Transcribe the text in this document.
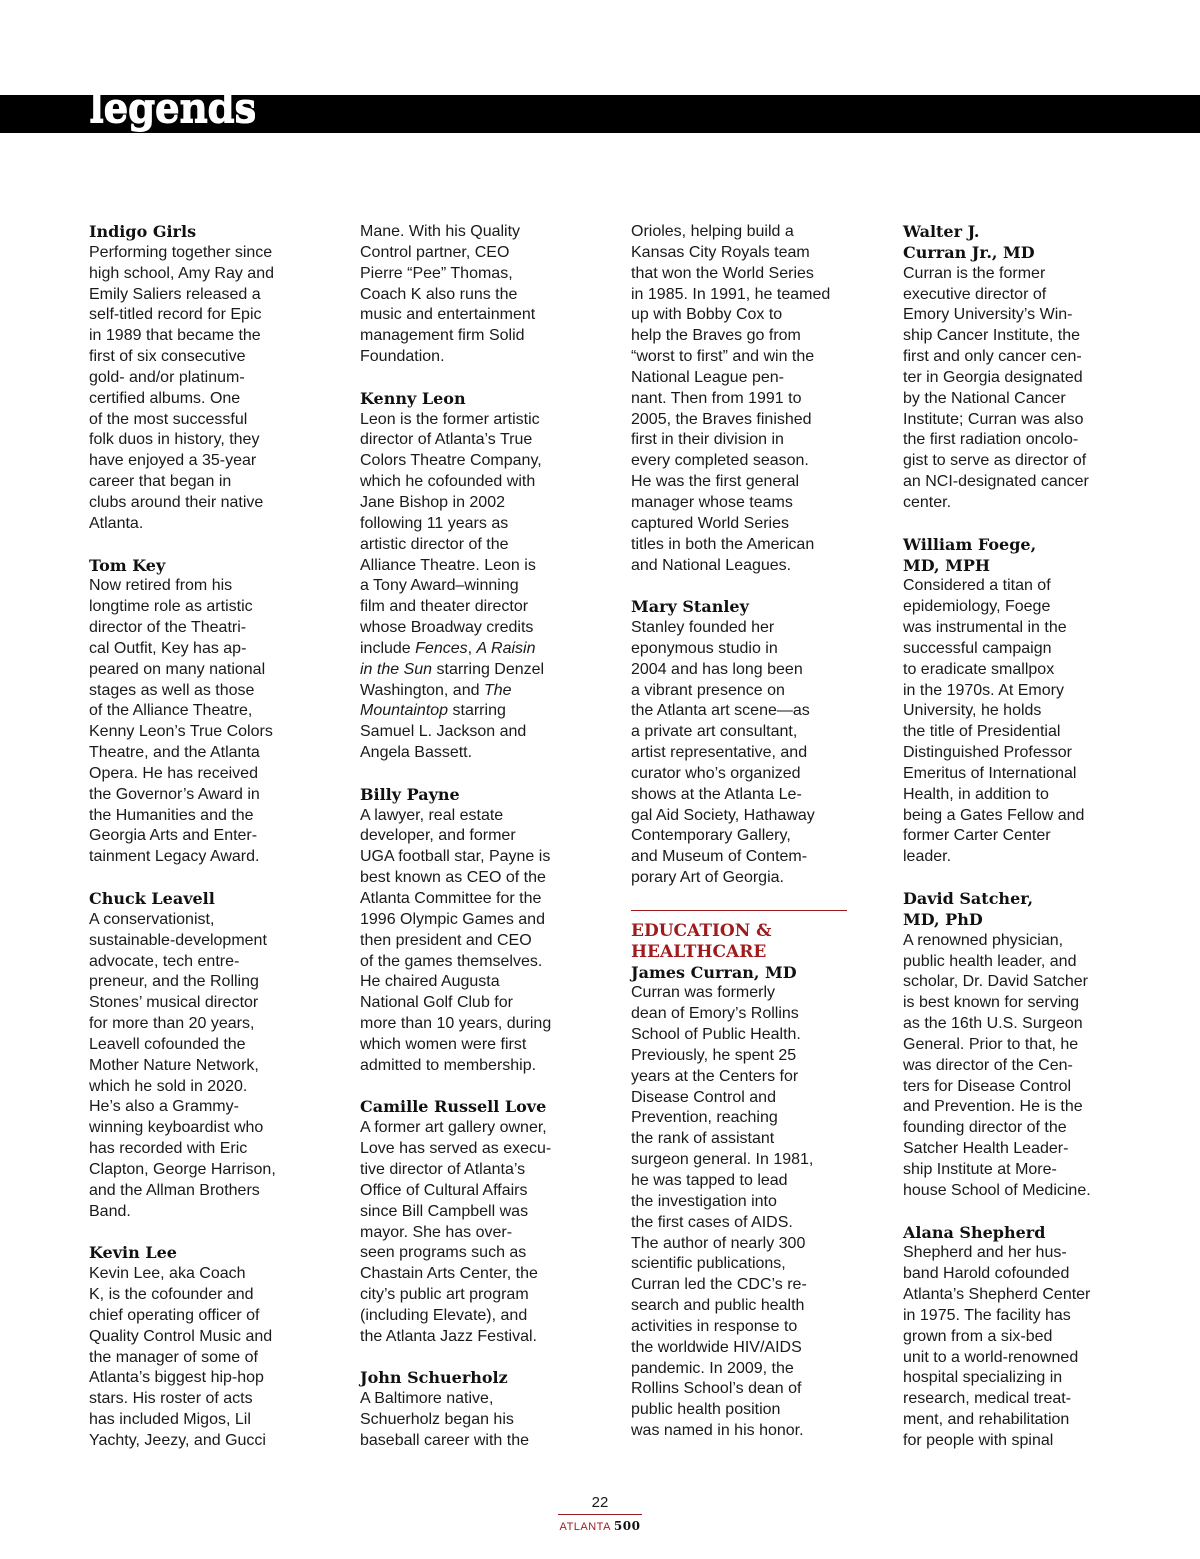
legends

Indigo Girls

Performing together since
high school, Amy Ray and
Emily Saliers released a
self-titled record for Epic
in 1989 that became the
first of six consecutive
gold- and/or platinum-
certified albums. One
of the most successful
folk duos in history, they
have enjoyed a 35-year
career that began in
clubs around their native
Atlanta.

Tom Key

Now retired from his
longtime role as artistic
director of the Theatri-
cal Outfit, Key has ap-
peared on many national
stages as well as those
of the Alliance Theatre,
Kenny Leon’s True Colors
Theatre, and the Atlanta
Opera. He has received
the Governor’s Award in
the Humanities and the
Georgia Arts and Enter-
tainment Legacy Award.

Chuck Leavell

A conservationist,
sustainable-development
advocate, tech entre-
preneur, and the Rolling
Stones’ musical director
for more than 20 years,
Leavell cofounded the
Mother Nature Network,
which he sold in 2020.
He’s also a Grammy-
winning keyboardist who
has recorded with Eric
Clapton, George Harrison,
and the Allman Brothers
Band.

Kevin Lee

Kevin Lee, aka Coach
K, is the cofounder and
chief operating officer of
Quality Control Music and
the manager of some of
Atlanta’s biggest hip-hop
stars. His roster of acts
has included Migos, Lil
Yachty, Jeezy, and Gucci

Mane. With his Quality
Control partner, CEO
Pierre “Pee” Thomas,
Coach K also runs the
music and entertainment
management firm Solid
Foundation.

Kenny Leon

Leon is the former artistic
director of Atlanta’s True
Colors Theatre Company,
which he cofounded with
Jane Bishop in 2002
following 11 years as
artistic director of the
Alliance Theatre. Leon is
a Tony Award–winning
film and theater director
whose Broadway credits
include Fences, A Raisin
in the Sun starring Denzel
Washington, and The
Mountaintop starring
Samuel L. Jackson and
Angela Bassett.

Billy Payne

A lawyer, real estate
developer, and former
UGA football star, Payne is
best known as CEO of the
Atlanta Committee for the
1996 Olympic Games and
then president and CEO
of the games themselves.
He chaired Augusta
National Golf Club for
more than 10 years, during
which women were first
admitted to membership.

Camille Russell Love

A former art gallery owner,
Love has served as execu-
tive director of Atlanta’s
Office of Cultural Affairs
since Bill Campbell was
mayor. She has over-
seen programs such as
Chastain Arts Center, the
city’s public art program
(including Elevate), and
the Atlanta Jazz Festival.

John Schuerholz

A Baltimore native,
Schuerholz began his
baseball career with the

Orioles, helping build a
Kansas City Royals team
that won the World Series
in 1985. In 1991, he teamed
up with Bobby Cox to
help the Braves go from
“worst to first” and win the
National League pen-
nant. Then from 1991 to
2005, the Braves finished
first in their division in
every completed season.
He was the first general
manager whose teams
captured World Series
titles in both the American
and National Leagues.

Mary Stanley

Stanley founded her
eponymous studio in
2004 and has long been
a vibrant presence on
the Atlanta art scene—as
a private art consultant,
artist representative, and
curator who’s organized
shows at the Atlanta Le-
gal Aid Society, Hathaway
Contemporary Gallery,
and Museum of Contem-
porary Art of Georgia.

EDUCATION &
HEALTHCARE

James Curran, MD

Curran was formerly
dean of Emory’s Rollins
School of Public Health.
Previously, he spent 25
years at the Centers for
Disease Control and
Prevention, reaching
the rank of assistant
surgeon general. In 1981,
he was tapped to lead
the investigation into
the first cases of AIDS.
The author of nearly 300
scientific publications,
Curran led the CDC’s re-
search and public health
activities in response to
the worldwide HIV/AIDS
pandemic. In 2009, the
Rollins School’s dean of
public health position
was named in his honor.

Walter J.
Curran Jr., MD

Curran is the former
executive director of
Emory University’s Win-
ship Cancer Institute, the
first and only cancer cen-
ter in Georgia designated
by the National Cancer
Institute; Curran was also
the first radiation oncolo-
gist to serve as director of
an NCI-designated cancer
center.

William Foege,
MD, MPH

Considered a titan of
epidemiology, Foege
was instrumental in the
successful campaign
to eradicate smallpox
in the 1970s. At Emory
University, he holds
the title of Presidential
Distinguished Professor
Emeritus of International
Health, in addition to
being a Gates Fellow and
former Carter Center
leader.

David Satcher,
MD, PhD

A renowned physician,
public health leader, and
scholar, Dr. David Satcher
is best known for serving
as the 16th U.S. Surgeon
General. Prior to that, he
was director of the Cen-
ters for Disease Control
and Prevention. He is the
founding director of the
Satcher Health Leader-
ship Institute at More-
house School of Medicine.

Alana Shepherd

Shepherd and her hus-
band Harold cofounded
Atlanta’s Shepherd Center
in 1975. The facility has
grown from a six-bed
unit to a world-renowned
hospital specializing in
research, medical treat-
ment, and rehabilitation
for people with spinal

22
ATLANTA 500
